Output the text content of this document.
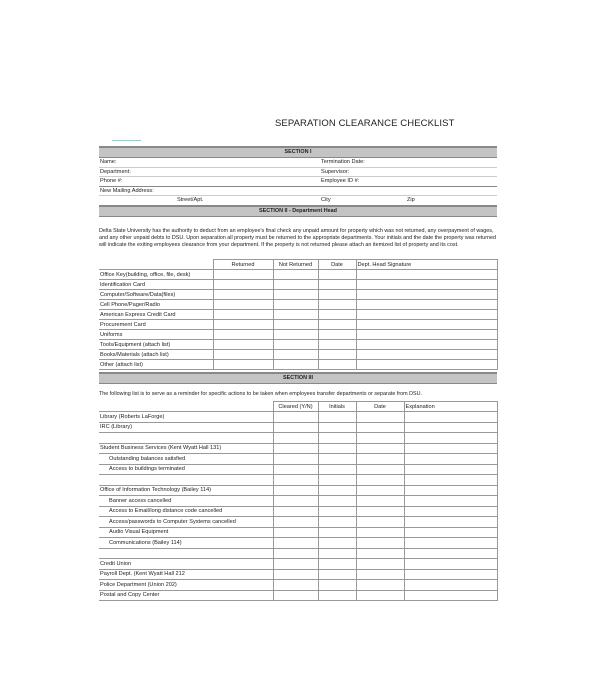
SEPARATION CLEARANCE CHECKLIST
SECTION I
Name:	Termination Date:
Department:	Supervisor:
Phone #:	Employee ID #:
New Mailing Address:
Street/Apt.	City	Zip
SECTION II - Department Head
Delta State University has the authority to deduct from an employee's final check any unpaid amount for property which was not returned, any overpayment of wages, and any other unpaid debts to DSU. Upon separation all property must be returned to the appropriate departments. Your initials and the date the property was returned will indicate the exiting employees clearance from your department. If the property is not returned please attach an itemized list of property and its cost.
	Returned	Not Returned	Date	Dept. Head Signature
Office Key(building, office, file, desk)				
Identification Card				
Computer/Software/Data(files)				
Cell Phone/Pager/Radio				
American Express Credit Card				
Procurement Card				
Uniforms				
Tools/Equipment (attach list)				
Books/Materials (attach list)				
Other (attach list)				
SECTION III
The following list is to serve as a reminder for specific actions to be taken when employees transfer departments or separate from DSU.
	Cleared (Y/N)	Initials	Date	Explanation
Library (Roberts LaForge)				
IRC (Library)				

Student Business Services (Kent Wyatt Hall 131)				
Outstanding balances satisfied				
Access to buildings terminated				

Office of Information Technology (Bailey 114)				
Banner access cancelled				
Access to Email/long distance code cancelled				
Access/passwords to Computer Systems cancelled				
Audio Visual Equipment				
Communications (Bailey 114)				

Credit Union				
Payroll Dept. (Kent Wyatt Hall 212				
Police Department (Union 202)				
Postal and Copy Center				
